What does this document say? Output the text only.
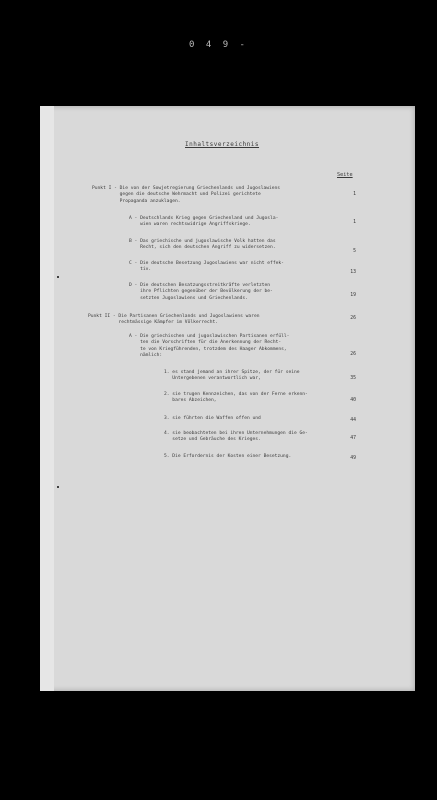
0 4 9 -
Inhaltsverzeichnis
Seite
Punkt I - Die von der Sowjetregierung Griechenlands und Jugoslawiens
gegen die deutsche Wehrmacht und Polizei gerichtete
Propaganda anzuklagen.
1
A - Deutschlands Krieg gegen Griechenland und Jugosla-
wien waren rechtswidrige Angriffskriege.	1
B - Das griechische und jugoslawische Volk hatten das
Recht, sich den deutschen Angriff zu widersetzen.
5
C - Die deutsche Besetzung Jugoslawiens war nicht effek-
tiv.
13
D - Die deutschen Besatzungsstreitkräfte verletzten
ihre Pflichten gegenüber der Bevölkerung der be-
setzten Jugoslawiens und Griechenlands.
19
Punkt II - Die Partisanen Griechenlands und Jugoslawiens waren
rechtmässige Kämpfer im Völkerrecht.
26
A - Die griechischen und jugoslawischen Partisanen erfüll-
ten die Vorschriften für die Anerkennung der Recht-
te von Kriegführenden, trotzdem des Haager Abkommens,
nämlich:	26
1. es stand jemand an ihrer Spitze, der für seine
Untergebenen verantwortlich war,	35
2. sie trugen Kennzeichen, das von der Ferne erkenn-
bares Abzeichen,	40
3. sie führten die Waffen offen und	44
4. sie beobachteten bei ihren Unternehmungen die Ge-
setze und Gebräuche des Krieges.	47
5. Die Erfordernis der Kosten einer Besetzung.	49
